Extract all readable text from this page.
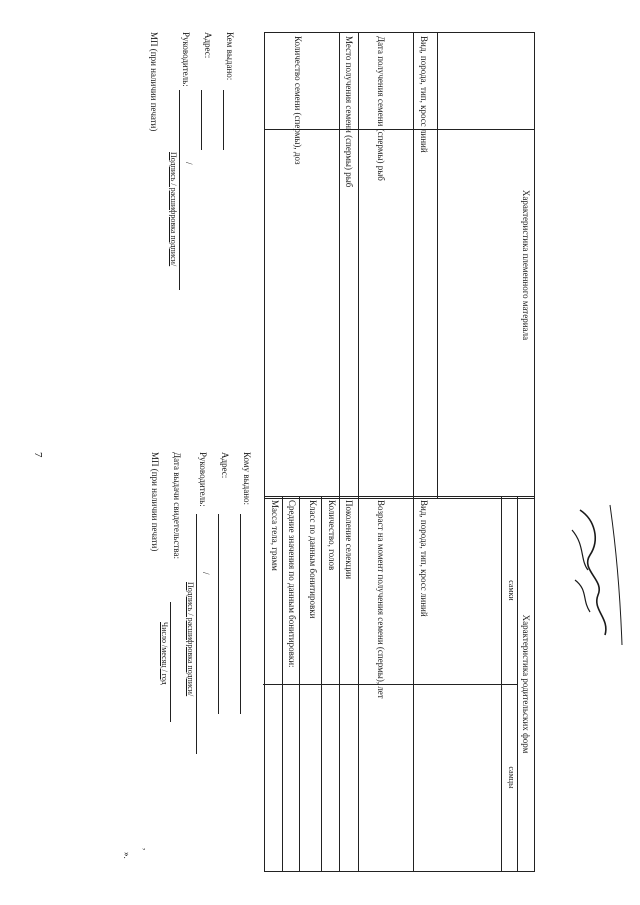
7
Характеристика племенного материала
Вид, порода, тип, кросс линий
Дата получения семени (спермы) рыб
Место получения семени (спермы) рыб
Количество семени (спермы), доз
Характеристика родительских форм
самки
самцы
Вид, порода, тип, кросс линий
Возраст на момент получения семени (спермы), лет
Поколение селекции
Количество, голов
Класс по данным бонитировки
Средние значения по данным бонитировки:
Масса тела, грамм
Кем выдано:
Адрес:
Руководитель:
/
Подпись / расшифровка подписи/
МП (при наличии печати)
Кому выдано:
Адрес:
Руководитель:
/
Подпись / расшифровка подписи/
Дата выдачи свидетельства:
Число /месяц / год
МП (при наличии печати)
».
,
